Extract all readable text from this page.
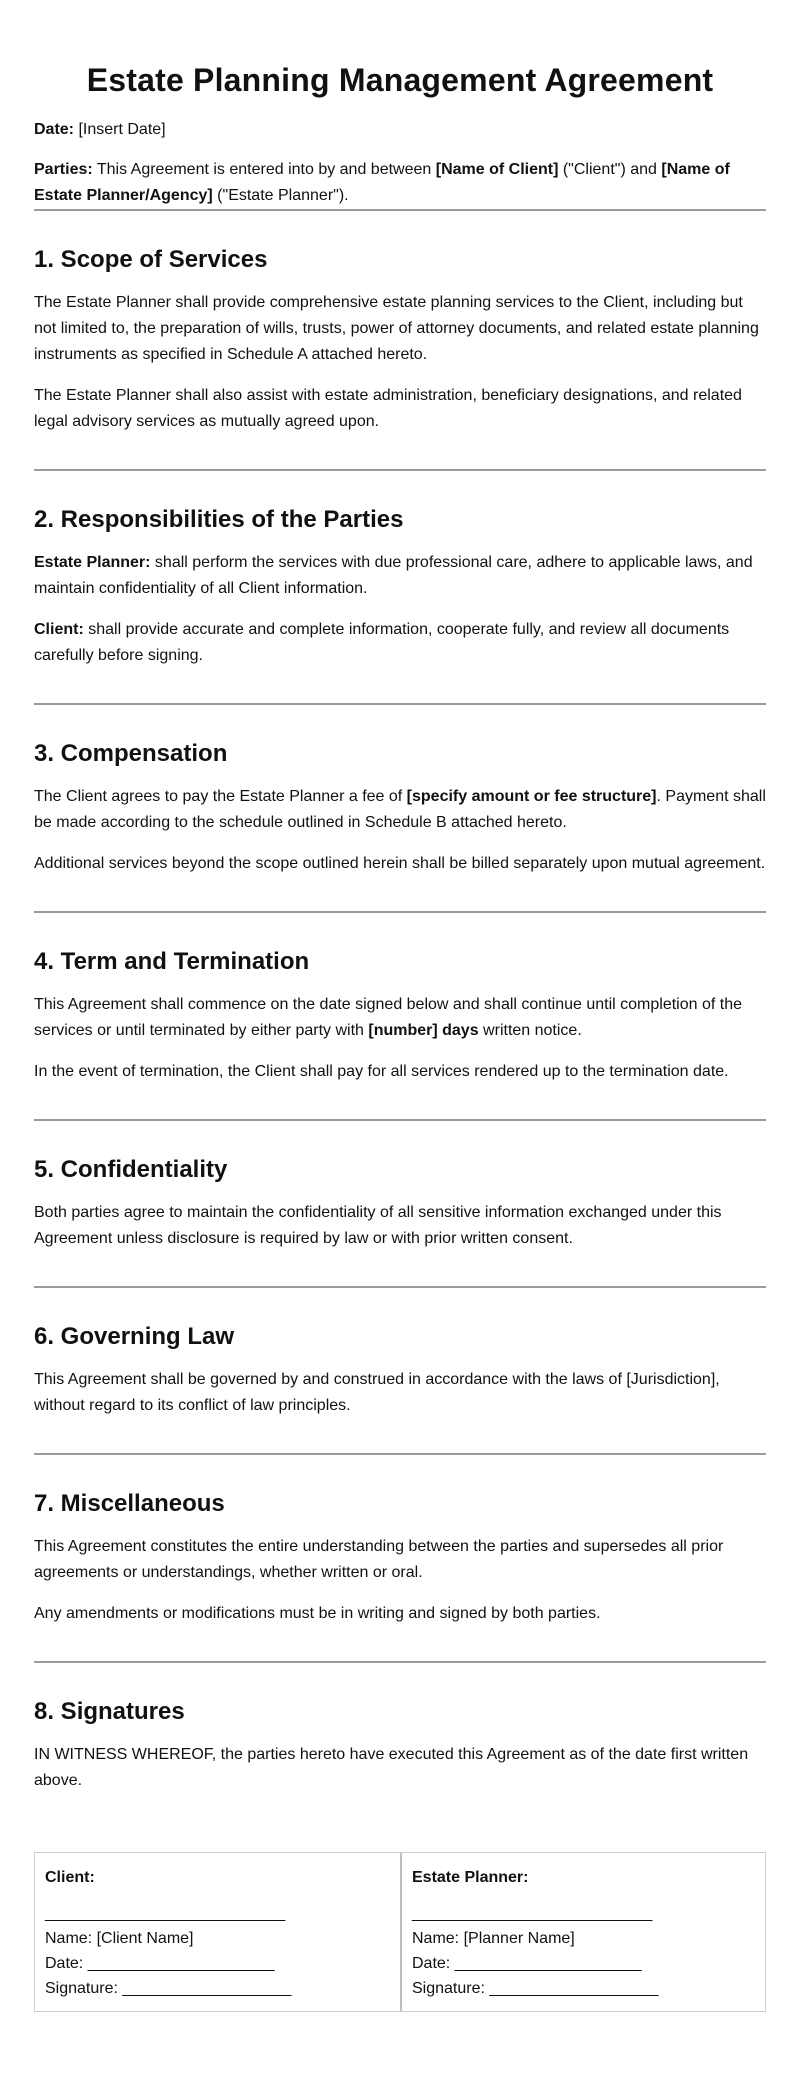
Estate Planning Management Agreement

Date: [Insert Date]

Parties: This Agreement is entered into by and between [Name of Client] ("Client") and [Name of Estate Planner/Agency] ("Estate Planner").

1. Scope of Services

The Estate Planner shall provide comprehensive estate planning services to the Client, including but not limited to, the preparation of wills, trusts, power of attorney documents, and related estate planning instruments as specified in Schedule A attached hereto.

The Estate Planner shall also assist with estate administration, beneficiary designations, and related legal advisory services as mutually agreed upon.

2. Responsibilities of the Parties

Estate Planner: shall perform the services with due professional care, adhere to applicable laws, and maintain confidentiality of all Client information.

Client: shall provide accurate and complete information, cooperate fully, and review all documents carefully before signing.

3. Compensation

The Client agrees to pay the Estate Planner a fee of [specify amount or fee structure]. Payment shall be made according to the schedule outlined in Schedule B attached hereto.

Additional services beyond the scope outlined herein shall be billed separately upon mutual agreement.

4. Term and Termination

This Agreement shall commence on the date signed below and shall continue until completion of the services or until terminated by either party with [number] days written notice.

In the event of termination, the Client shall pay for all services rendered up to the termination date.

5. Confidentiality

Both parties agree to maintain the confidentiality of all sensitive information exchanged under this Agreement unless disclosure is required by law or with prior written consent.

6. Governing Law

This Agreement shall be governed by and construed in accordance with the laws of [Jurisdiction], without regard to its conflict of law principles.

7. Miscellaneous

This Agreement constitutes the entire understanding between the parties and supersedes all prior agreements or understandings, whether written or oral.

Any amendments or modifications must be in writing and signed by both parties.

8. Signatures

IN WITNESS WHEREOF, the parties hereto have executed this Agreement as of the date first written above.

Client:
___________________________
Name: [Client Name]
Date: _____________________
Signature: ___________________
Estate Planner:
___________________________
Name: [Planner Name]
Date: _____________________
Signature: ___________________
